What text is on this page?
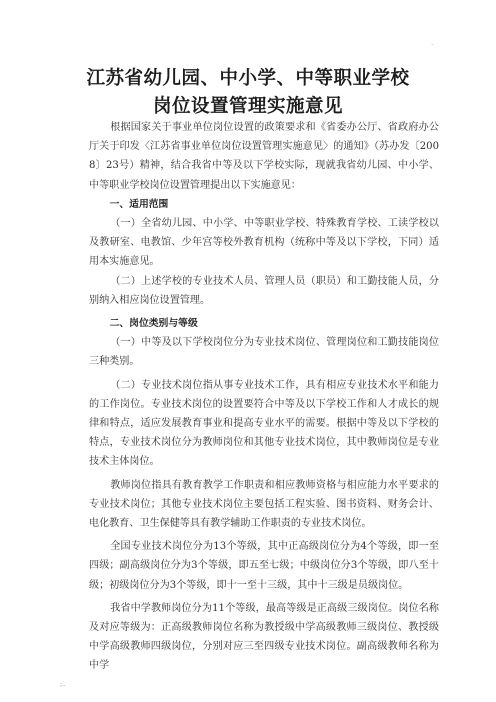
.
江苏省幼儿园、中小学、中等职业学校
岗位设置管理实施意见

根据国家关于事业单位岗位设置的政策要求和《省委办公厅、省政府办公厅关于印发〈江苏省事业单位岗位设置管理实施意见〉的通知》（苏办发〔2008〕23号）精神，结合我省中等及以下学校实际，现就我省幼儿园、中小学、中等职业学校岗位设置管理提出以下实施意见：

一、适用范围

（一）全省幼儿园、中小学、中等职业学校、特殊教育学校、工读学校以及教研室、电教馆、少年宫等校外教育机构（统称中等及以下学校，下同）适用本实施意见。

（二）上述学校的专业技术人员、管理人员（职员）和工勤技能人员，分别纳入相应岗位设置管理。

二、岗位类别与等级

（一）中等及以下学校岗位分为专业技术岗位、管理岗位和工勤技能岗位三种类别。

（二）专业技术岗位指从事专业技术工作，具有相应专业技术水平和能力的工作岗位。专业技术岗位的设置要符合中等及以下学校工作和人才成长的规律和特点，适应发展教育事业和提高专业水平的需要。根据中等及以下学校的特点，专业技术岗位分为教师岗位和其他专业技术岗位，其中教师岗位是专业技术主体岗位。

教师岗位指具有教育教学工作职责和相应教师资格与相应能力水平要求的专业技术岗位；其他专业技术岗位主要包括工程实验、图书资料、财务会计、电化教育、卫生保健等具有教学辅助工作职责的专业技术岗位。

全国专业技术岗位分为13个等级，其中正高级岗位分为4个等级，即一至四级；副高级岗位分为3个等级，即五至七级；中级岗位分3个等级，即八至十级；初级岗位分为3个等级，即十一至十三级，其中十三级是员级岗位。

我省中学教师岗位分为11个等级，最高等级是正高级三级岗位。岗位名称及对应等级为：正高级教师岗位名称为教授级中学高级教师三级岗位、教授级中学高级教师四级岗位，分别对应三至四级专业技术岗位。副高级教师名称为中学

;..
